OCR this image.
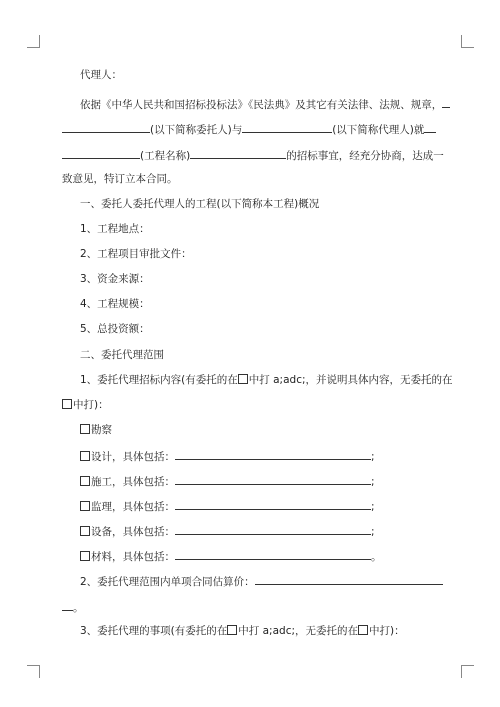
代理人：
依据《中华人民共和国招标投标法》《民法典》及其它有关法律、法规、规章，
(以下简称委托人)与	(以下简称代理人)就
(工程名称)	的招标事宜，经充分协商，达成一
致意见，特订立本合同。
一、委托人委托代理人的工程(以下简称本工程)概况
1、工程地点：
2、工程项目审批文件：
3、资金来源：
4、工程规模：
5、总投资额：
二、委托代理范围
1、委托代理招标内容(有委托的在 中打 a;adc;，并说明具体内容，无委托的在
中打)：
勘察
设计，具体包括：	;
施工，具体包括：	;
监理，具体包括：	;
设备，具体包括：	;
材料，具体包括：	。
2、委托代理范围内单项合同估算价：
。
3、委托代理的事项(有委托的在 中打 a;adc;，无委托的在 中打)：
